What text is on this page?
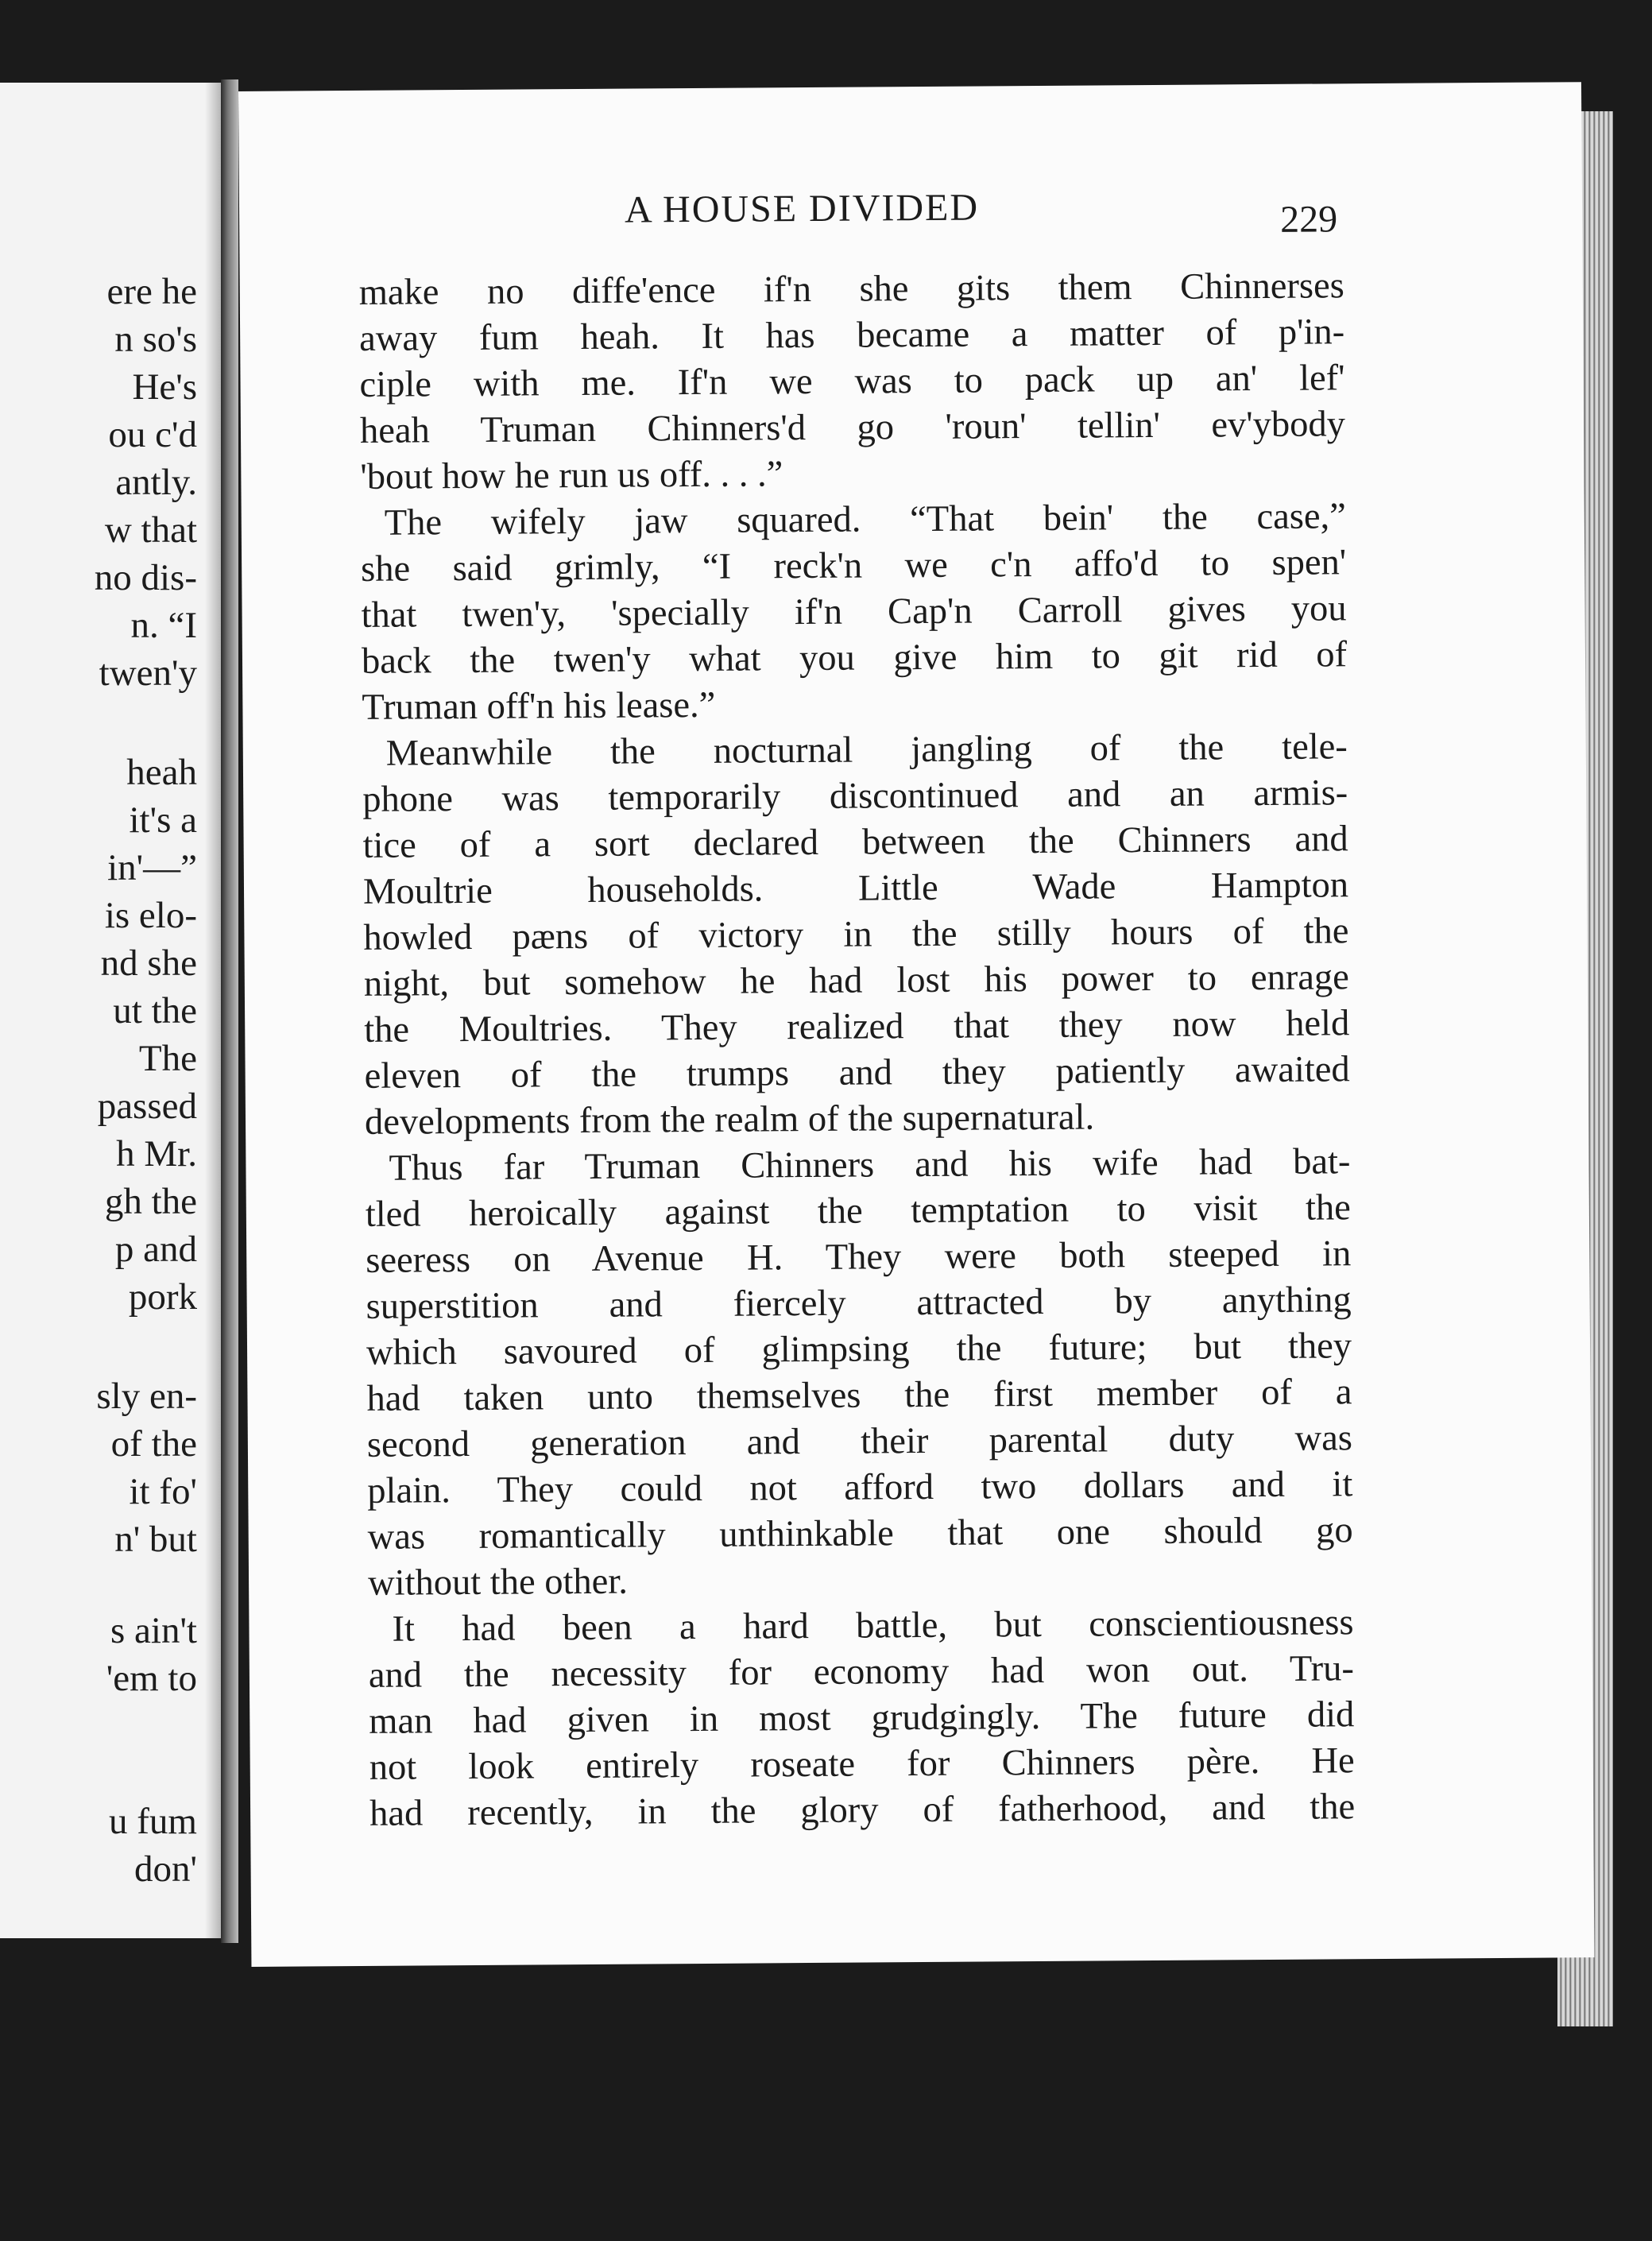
ere he
n so's
He's
ou c'd
antly.
w that
no dis-
n. “I
twen'y
heah
it's a
in'—”
is elo-
nd she
ut the
The
passed
h Mr.
gh the
p and
pork
sly en-
of the
it fo'
n' but
s ain't
'em to
u fum
don'
A HOUSE DIVIDED	229
make no diffe'ence if'n she gits them Chinnerses
away fum heah. It has became a matter of p'in-
ciple with me. If'n we was to pack up an' lef'
heah Truman Chinners'd go 'roun' tellin' ev'ybody
'bout how he run us off. . . .”
The wifely jaw squared. “That bein' the case,”
she said grimly, “I reck'n we c'n affo'd to spen'
that twen'y, 'specially if'n Cap'n Carroll gives you
back the twen'y what you give him to git rid of
Truman off'n his lease.”
Meanwhile the nocturnal jangling of the tele-
phone was temporarily discontinued and an armis-
tice of a sort declared between the Chinners and
Moultrie households. Little Wade Hampton
howled pæns of victory in the stilly hours of the
night, but somehow he had lost his power to enrage
the Moultries. They realized that they now held
eleven of the trumps and they patiently awaited
developments from the realm of the supernatural.
Thus far Truman Chinners and his wife had bat-
tled heroically against the temptation to visit the
seeress on Avenue H. They were both steeped in
superstition and fiercely attracted by anything
which savoured of glimpsing the future; but they
had taken unto themselves the first member of a
second generation and their parental duty was
plain. They could not afford two dollars and it
was romantically unthinkable that one should go
without the other.
It had been a hard battle, but conscientiousness
and the necessity for economy had won out. Tru-
man had given in most grudgingly. The future did
not look entirely roseate for Chinners père. He
had recently, in the glory of fatherhood, and the
